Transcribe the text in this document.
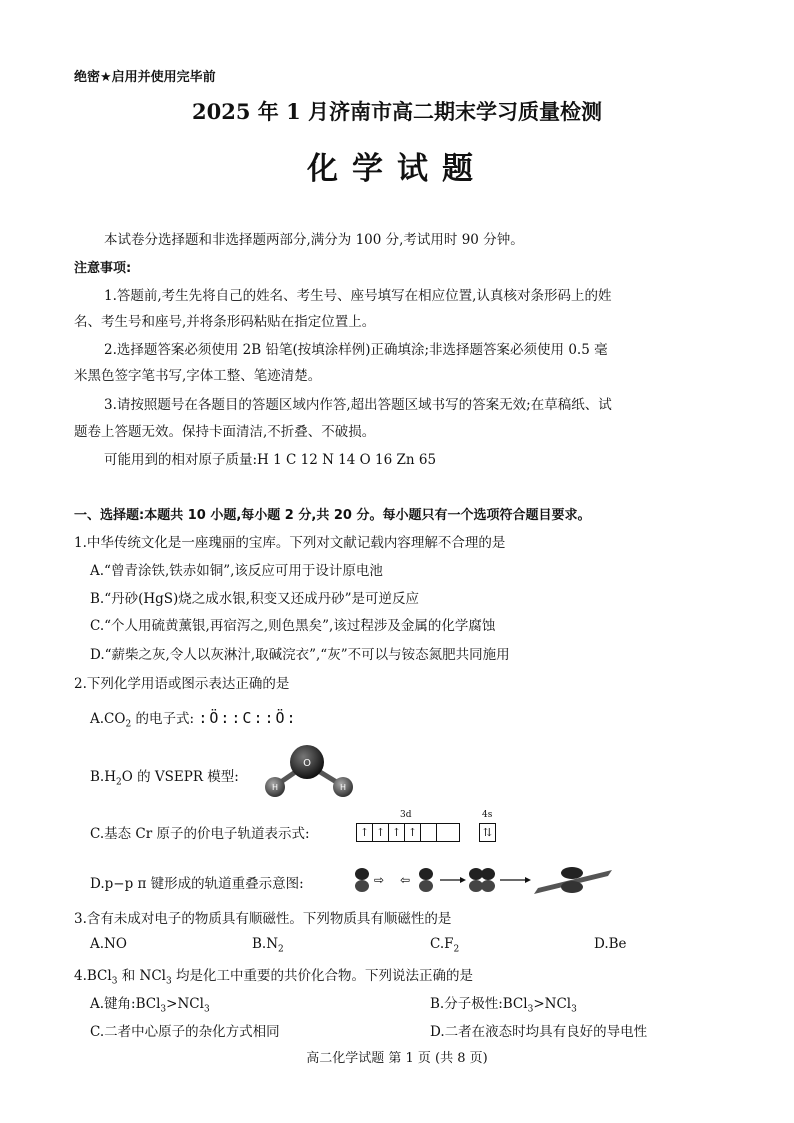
绝密★启用并使用完毕前
2025 年 1 月济南市高二期末学习质量检测
化学试题
本试卷分选择题和非选择题两部分,满分为 100 分,考试用时 90 分钟。
注意事项:
1.答题前,考生先将自己的姓名、考生号、座号填写在相应位置,认真核对条形码上的姓
名、考生号和座号,并将条形码粘贴在指定位置上。
2.选择题答案必须使用 2B 铅笔(按填涂样例)正确填涂;非选择题答案必须使用 0.5 毫
米黑色签字笔书写,字体工整、笔迹清楚。
3.请按照题号在各题目的答题区域内作答,超出答题区域书写的答案无效;在草稿纸、试
题卷上答题无效。保持卡面清洁,不折叠、不破损。
可能用到的相对原子质量:H 1 C 12 N 14 O 16 Zn 65
一、选择题:本题共 10 小题,每小题 2 分,共 20 分。每小题只有一个选项符合题目要求。
1.中华传统文化是一座瑰丽的宝库。下列对文献记载内容理解不合理的是
A.“曾青涂铁,铁赤如铜”,该反应可用于设计原电池
B.“丹砂(HgS)烧之成水银,积变又还成丹砂”是可逆反应
C.“个人用硫黄薰银,再宿泻之,则色黑矣”,该过程涉及金属的化学腐蚀
D.“薪柴之灰,令人以灰淋汁,取碱浣衣”,“灰”不可以与铵态氮肥共同施用
2.下列化学用语或图示表达正确的是
$A.CO_2$ 的电子式: :Ö::C::Ö:
$B.H_2O$ 的 VSEPR 模型:
O
H	H
C.基态 Cr 原子的价电子轨道表示式:
3d	4s
↑ ↑ ↑ ↑	⇅
D.p−p π 键形成的轨道重叠示意图:	⇨ ⇦
3.含有未成对电子的物质具有顺磁性。下列物质具有顺磁性的是
A.NO	$B.N_2$	$C.F_2$	D.Be
4.BCl$_3$ 和 NCl$_3$ 均是化工中重要的共价化合物。下列说法正确的是
A.键角:BCl$_3$>NCl$_3$	B.分子极性:BCl$_3$>NCl$_3$
C.二者中心原子的杂化方式相同	D.二者在液态时均具有良好的导电性
高二化学试题 第 1 页 (共 8 页)
